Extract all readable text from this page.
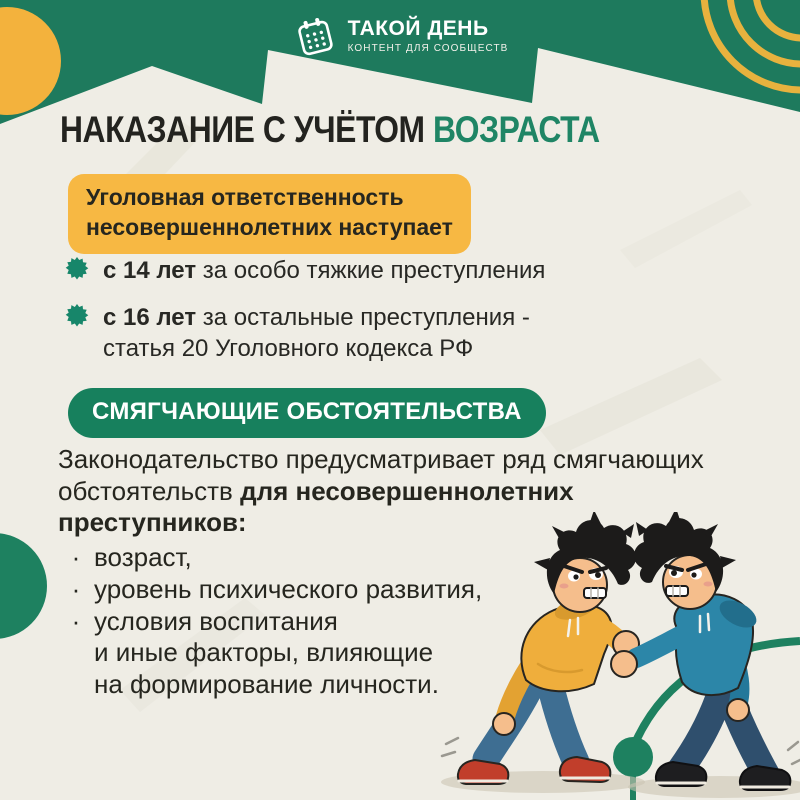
ТАКОЙ ДЕНЬ
КОНТЕНТ ДЛЯ СООБЩЕСТВ
НАКАЗАНИЕ С УЧЁТОМ ВОЗРАСТА
Уголовная ответственность
несовершеннолетних наступает
с 14 лет за особо тяжкие преступления
с 16 лет за остальные преступления -
статья 20 Уголовного кодекса РФ
СМЯГЧАЮЩИЕ ОБСТОЯТЕЛЬСТВА
Законодательство предусматривает ряд смягчающих
обстоятельств для несовершеннолетних
преступников:
· возраст,
· уровень психического развития,
· условия воспитания
и иные факторы, влияющие
на формирование личности.
